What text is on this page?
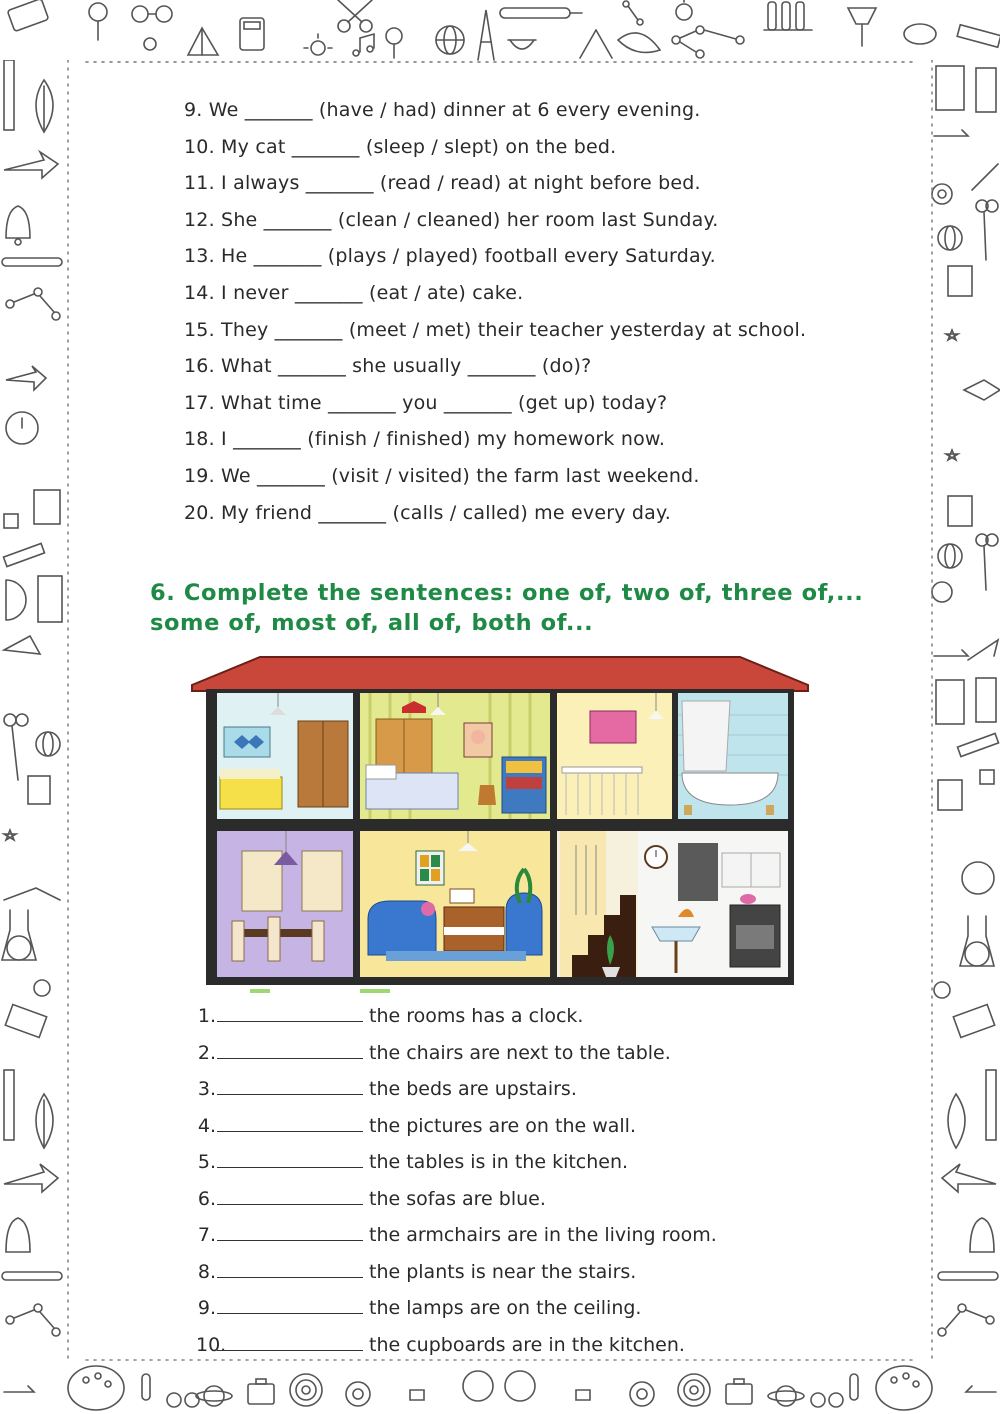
9. We _______ (have / had) dinner at 6 every evening.
10. My cat _______ (sleep / slept) on the bed.
11. I always _______ (read / read) at night before bed.
12. She _______ (clean / cleaned) her room last Sunday.
13. He _______ (plays / played) football every Saturday.
14. I never _______ (eat / ate) cake.
15. They _______ (meet / met) their teacher yesterday at school.
16. What _______ she usually _______ (do)?
17. What time _______ you _______ (get up) today?
18. I _______ (finish / finished) my homework now.
19. We _______ (visit / visited) the farm last weekend.
20. My friend _______ (calls / called) me every day.
6. Complete the sentences: one of, two of, three of,... some of, most of, all of, both of...
1.	the rooms has a clock.
2.	the chairs are next to the table.
3.	the beds are upstairs.
4.	the pictures are on the wall.
5.	the tables is in the kitchen.
6.	the sofas are blue.
7.	the armchairs are in the living room.
8.	the plants is near the stairs.
9.	the lamps are on the ceiling.
10.	the cupboards are in the kitchen.
